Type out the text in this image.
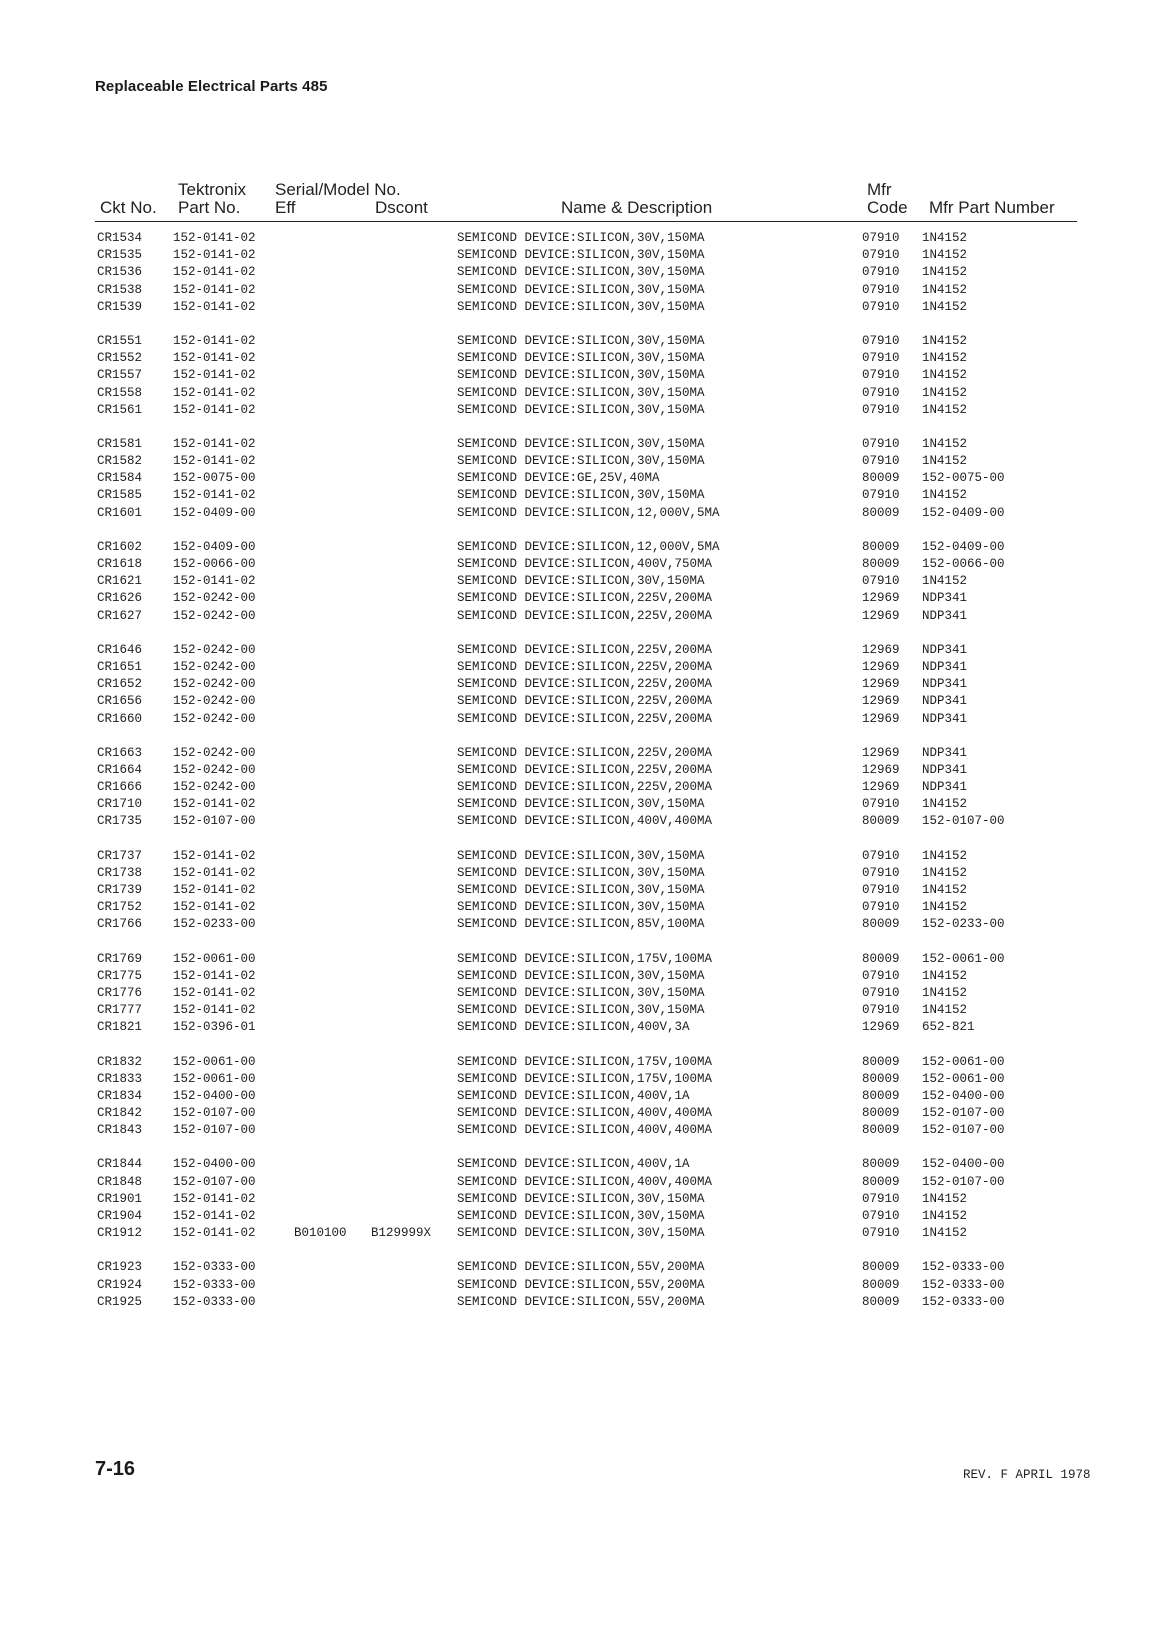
Replaceable Electrical Parts 485
Tektronix Serial/Model No.	Mfr
Ckt No. Part No. Eff	Dscont	Name & Description	Code Mfr Part Number
CR1534 152-0141-02	SEMICOND DEVICE:SILICON,30V,150MA	07910 1N4152
CR1535 152-0141-02	SEMICOND DEVICE:SILICON,30V,150MA	07910 1N4152
CR1536 152-0141-02	SEMICOND DEVICE:SILICON,30V,150MA	07910 1N4152
CR1538 152-0141-02	SEMICOND DEVICE:SILICON,30V,150MA	07910 1N4152
CR1539 152-0141-02	SEMICOND DEVICE:SILICON,30V,150MA	07910 1N4152
CR1551 152-0141-02	SEMICOND DEVICE:SILICON,30V,150MA	07910 1N4152
CR1552 152-0141-02	SEMICOND DEVICE:SILICON,30V,150MA	07910 1N4152
CR1557 152-0141-02	SEMICOND DEVICE:SILICON,30V,150MA	07910 1N4152
CR1558 152-0141-02	SEMICOND DEVICE:SILICON,30V,150MA	07910 1N4152
CR1561 152-0141-02	SEMICOND DEVICE:SILICON,30V,150MA	07910 1N4152
CR1581 152-0141-02	SEMICOND DEVICE:SILICON,30V,150MA	07910 1N4152
CR1582 152-0141-02	SEMICOND DEVICE:SILICON,30V,150MA	07910 1N4152
CR1584 152-0075-00	SEMICOND DEVICE:GE,25V,40MA	80009 152-0075-00
CR1585 152-0141-02	SEMICOND DEVICE:SILICON,30V,150MA	07910 1N4152
CR1601 152-0409-00	SEMICOND DEVICE:SILICON,12,000V,5MA	80009 152-0409-00
CR1602 152-0409-00	SEMICOND DEVICE:SILICON,12,000V,5MA	80009 152-0409-00
CR1618 152-0066-00	SEMICOND DEVICE:SILICON,400V,750MA	80009 152-0066-00
CR1621 152-0141-02	SEMICOND DEVICE:SILICON,30V,150MA	07910 1N4152
CR1626 152-0242-00	SEMICOND DEVICE:SILICON,225V,200MA	12969 NDP341
CR1627 152-0242-00	SEMICOND DEVICE:SILICON,225V,200MA	12969 NDP341
CR1646 152-0242-00	SEMICOND DEVICE:SILICON,225V,200MA	12969 NDP341
CR1651 152-0242-00	SEMICOND DEVICE:SILICON,225V,200MA	12969 NDP341
CR1652 152-0242-00	SEMICOND DEVICE:SILICON,225V,200MA	12969 NDP341
CR1656 152-0242-00	SEMICOND DEVICE:SILICON,225V,200MA	12969 NDP341
CR1660 152-0242-00	SEMICOND DEVICE:SILICON,225V,200MA	12969 NDP341
CR1663 152-0242-00	SEMICOND DEVICE:SILICON,225V,200MA	12969 NDP341
CR1664 152-0242-00	SEMICOND DEVICE:SILICON,225V,200MA	12969 NDP341
CR1666 152-0242-00	SEMICOND DEVICE:SILICON,225V,200MA	12969 NDP341
CR1710 152-0141-02	SEMICOND DEVICE:SILICON,30V,150MA	07910 1N4152
CR1735 152-0107-00	SEMICOND DEVICE:SILICON,400V,400MA	80009 152-0107-00
CR1737 152-0141-02	SEMICOND DEVICE:SILICON,30V,150MA	07910 1N4152
CR1738 152-0141-02	SEMICOND DEVICE:SILICON,30V,150MA	07910 1N4152
CR1739 152-0141-02	SEMICOND DEVICE:SILICON,30V,150MA	07910 1N4152
CR1752 152-0141-02	SEMICOND DEVICE:SILICON,30V,150MA	07910 1N4152
CR1766 152-0233-00	SEMICOND DEVICE:SILICON,85V,100MA	80009 152-0233-00
CR1769 152-0061-00	SEMICOND DEVICE:SILICON,175V,100MA	80009 152-0061-00
CR1775 152-0141-02	SEMICOND DEVICE:SILICON,30V,150MA	07910 1N4152
CR1776 152-0141-02	SEMICOND DEVICE:SILICON,30V,150MA	07910 1N4152
CR1777 152-0141-02	SEMICOND DEVICE:SILICON,30V,150MA	07910 1N4152
CR1821 152-0396-01	SEMICOND DEVICE:SILICON,400V,3A	12969 652-821
CR1832 152-0061-00	SEMICOND DEVICE:SILICON,175V,100MA	80009 152-0061-00
CR1833 152-0061-00	SEMICOND DEVICE:SILICON,175V,100MA	80009 152-0061-00
CR1834 152-0400-00	SEMICOND DEVICE:SILICON,400V,1A	80009 152-0400-00
CR1842 152-0107-00	SEMICOND DEVICE:SILICON,400V,400MA	80009 152-0107-00
CR1843 152-0107-00	SEMICOND DEVICE:SILICON,400V,400MA	80009 152-0107-00
CR1844 152-0400-00	SEMICOND DEVICE:SILICON,400V,1A	80009 152-0400-00
CR1848 152-0107-00	SEMICOND DEVICE:SILICON,400V,400MA	80009 152-0107-00
CR1901 152-0141-02	SEMICOND DEVICE:SILICON,30V,150MA	07910 1N4152
CR1904 152-0141-02	SEMICOND DEVICE:SILICON,30V,150MA	07910 1N4152
CR1912 152-0141-02	B010100 B129999X SEMICOND DEVICE:SILICON,30V,150MA	07910 1N4152
CR1923 152-0333-00	SEMICOND DEVICE:SILICON,55V,200MA	80009 152-0333-00
CR1924 152-0333-00	SEMICOND DEVICE:SILICON,55V,200MA	80009 152-0333-00
CR1925 152-0333-00	SEMICOND DEVICE:SILICON,55V,200MA	80009 152-0333-00
7-16	REV. F APRIL 1978
